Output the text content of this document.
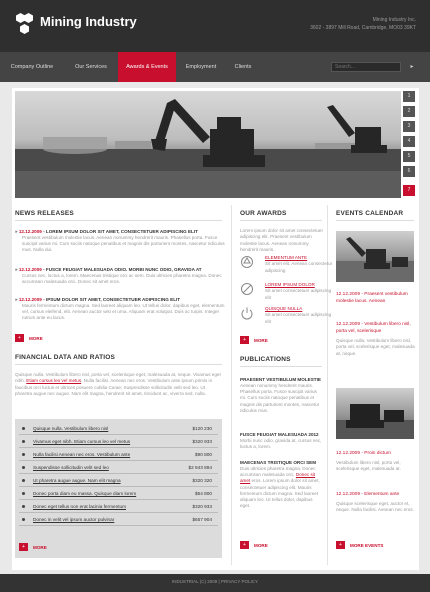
Mining Industry	Mining Industry Inc.
3602 - 3897 Mill Road, Cambridge, MO03 39KT
Company Outline	Our Services	Awards & Events	Employment	Clients
Search...	▸
1
2
3
4
5
6
7
NEWS RELEASES
» 12.12.2009 - LOREM IPSUM DOLOR SIT AMET, CONSECTETUER ADIPISCING ELIT
Praesent vestibulum molestie lacus. Aenean nonummy hendrerit mauris. Phasellus porta. Fusce suscipit varius mi. Cum sociis natoque penatibus et magnis dis parturient montes, nascetur ridiculus mus. Nulla dui.
» 12.12.2009 - FUSCE FEUGIAT MALESUADA ODIO. MORBI NUNC ODIO, GRAVIDA AT
Cursus nec, luctus a, lorem. Maecenas tristique orci ac sem. Duis ultricies pharetra magna. Donec accumsan malesuada orci. Donec sit amet eros.
» 12.12.2009 - IPSUM DOLOR SIT AMET, CONSECTETUER ADIPISCING ELIT
Mauris fermentum dictum magna. Sed laoreet aliquam leo. Ut tellus dolor, dapibus eget, elementum vel, cursus eleifend, elit. Aenean auctor wisi et urna. Aliquam erat volutpat. Duis ac turpis. Integer rutrum ante eu lacus.
+	MORE
FINANCIAL DATA AND RATIOS
Quisque nulla. Vestibulum libero nisl, porta vel, scelerisque eget, malesuada at, neque. Vivamus eget nibh. Etiam cursus leo vel metus. Nulla facilisi. Aenean nec eros. Vestibulum ante ipsum primis in faucibus orci luctus et ultrices posuere cubilia Curae; Suspendisse sollicitudin velit sed leo. Ut pharetra augue nec augue. Nam elit magna, hendrerit sit amet, tincidunt ac, viverra sed, nulla.
Quisque nulla. Vestibulum libero nisl	$120 230
Vivamus eget nibh. Etiam cursus leo vel metus	$320 933
Nulla facilisi Aenean nec eros. Vestibulum ante	$90 800
Suspendisse sollicitudin velit sed leo	$2 943 894
Ut pharetra augue augue. Nam elit magna	$320 320
Donec porta diam eu massa. Quisque diam lorem	$54 800
Donec eget tellus non erat lacinia fermentum	$320 933
Donec in velit vel ipsum auctor pulvinar	$657 904
+	MORE
OUR AWARDS
Lorem ipsum dolor sit amet consectetuer adipiscing elit. Praesent vestibulum molestie lacus. Aenean nonummy hendrerit mauris.
ELEMENTUM ANTE
Sit amet elit. Aenean consectetur adipiscing
LOREM IPSUM DOLOR
Sit amet consectetuer adipiscing elit
QUISQUE NULLA
Sit amet consectetuer adipiscing elit
+	MORE
PUBLICATIONS
PRAESENT VESTIBULUM MOLESTIE
Aenean nonummy hendrerit mauris. Phasellus porta. Fusce suscipit varius mi. Cum sociis natoque penatibus et magnis dis parturient montes, nascetur ridiculus mus.
FUSCE FEUGIAT MALESUADA 2012
Morbi nunc odio, gravida at, cursus nec, luctus a, lorem.
MAECENAS TRISTIQUE ORCI SEM
Duis ultricies pharetra magna. Donec accumsan malesuada orci. Donec sit amet eros. Lorem ipsum dolor sit amet, consectetuer adipiscing elit. Mauris fermentum dictum magna. Sed laoreet aliquam leo. Ut tellus dolor, dapibus eget.
+	MORE
EVENTS CALENDAR
12.12.2009 - Praesent vestibulum molestie lacus. Aenean
12.12.2009 - Vestibulum libero nisl, porta vel, scelerisque
Quisque nulla. Vestibulum libero nisl, porta vel, scelerisque eget, malesuada at, neque.
12.12.2009 - Proin dictum
Vestibulum libero nisl, porta vel, scelerisque eget, malesuada at.
12.12.2009 - Elementum ante
Quisque scelerisque eget, auctor et, neque. Nulla facilisi. Aenean nec eros.
+	MORE EVENTS
INDUSTRIAL (C) 2009 | PRIVACY POLICY
